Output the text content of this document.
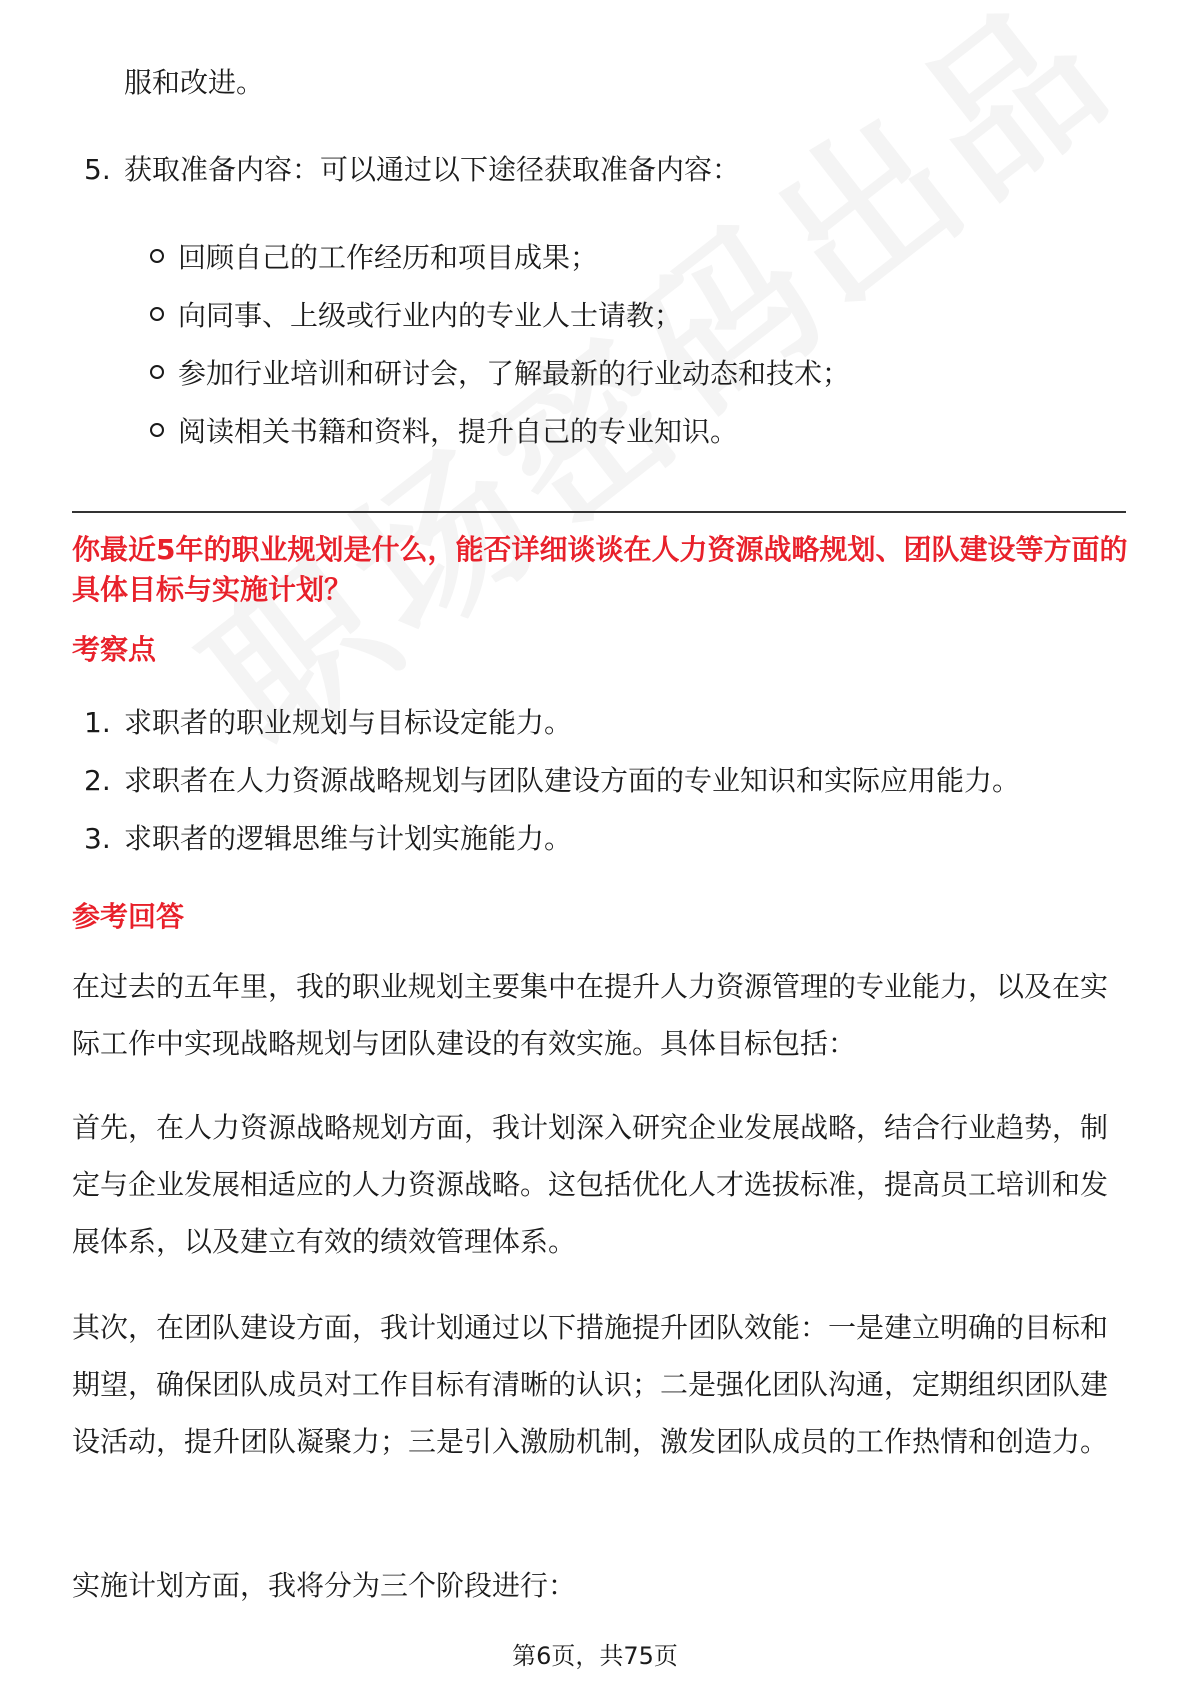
服和改进。
5. 获取准备内容：可以通过以下途径获取准备内容：
回顾自己的工作经历和项目成果；
向同事、上级或行业内的专业人士请教；
参加行业培训和研讨会，了解最新的行业动态和技术；
阅读相关书籍和资料，提升自己的专业知识。
你最近5年的职业规划是什么，能否详细谈谈在人力资源战略规划、团队建设等方面的具体目标与实施计划？
考察点
1. 求职者的职业规划与目标设定能力。
2. 求职者在人力资源战略规划与团队建设方面的专业知识和实际应用能力。
3. 求职者的逻辑思维与计划实施能力。
参考回答
在过去的五年里，我的职业规划主要集中在提升人力资源管理的专业能力，以及在实际工作中实现战略规划与团队建设的有效实施。具体目标包括：
首先，在人力资源战略规划方面，我计划深入研究企业发展战略，结合行业趋势，制定与企业发展相适应的人力资源战略。这包括优化人才选拔标准，提高员工培训和发展体系，以及建立有效的绩效管理体系。
其次，在团队建设方面，我计划通过以下措施提升团队效能：一是建立明确的目标和期望，确保团队成员对工作目标有清晰的认识；二是强化团队沟通，定期组织团队建设活动，提升团队凝聚力；三是引入激励机制，激发团队成员的工作热情和创造力。
实施计划方面，我将分为三个阶段进行：
第6页，共75页
